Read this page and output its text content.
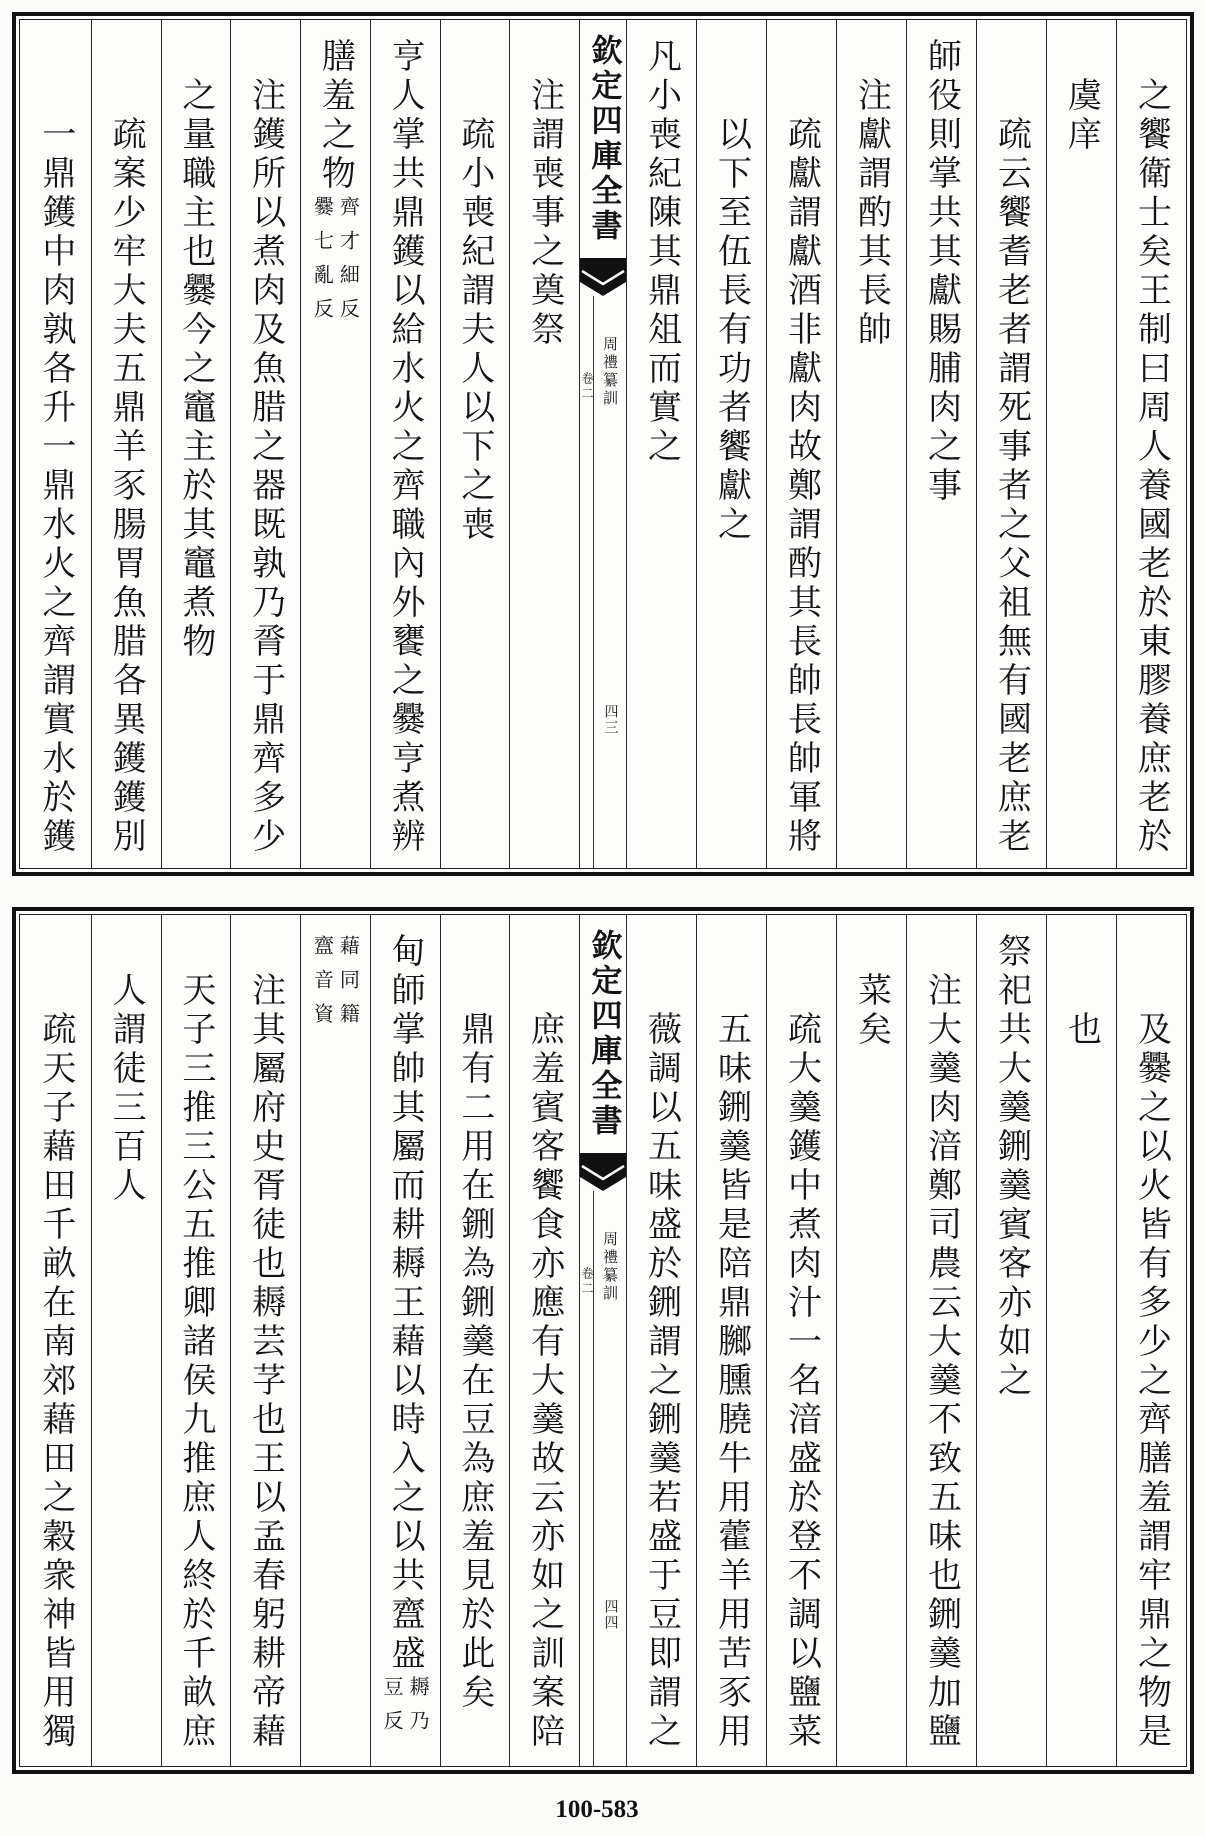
之饗衛士矣王制曰周人養國老於東膠養庶老於
虞庠
疏云饗耆老者謂死事者之父祖無有國老庶老
師役則掌共其獻賜脯肉之事
注獻謂酌其長帥
疏獻謂獻酒非獻肉故鄭謂酌其長帥長帥軍將
以下至伍長有功者饗獻之
凡小喪紀陳其鼎俎而實之
欽定四庫全書
周禮纂訓
卷二
四三
注謂喪事之奠祭
疏小喪紀謂夫人以下之喪
亨人掌共鼎鑊以給水火之齊職內外饔之爨亨煮辨
膳羞之物
齊才細反
爨七亂反
注鑊所以煮肉及魚腊之器既孰乃脀于鼎齊多少
之量職主也爨今之竈主於其竈煮物
疏案少牢大夫五鼎羊豕腸胃魚腊各異鑊鑊別
一鼎鑊中肉孰各升一鼎水火之齊謂實水於鑊
及爨之以火皆有多少之齊膳羞謂牢鼎之物是
也
祭祀共大羹鉶羹賓客亦如之
注大羹肉湆鄭司農云大羹不致五味也鉶羹加鹽
菜矣
疏大羹鑊中煮肉汁一名湆盛於登不調以鹽菜
五味鉶羹皆是陪鼎膷臐膮牛用藿羊用苦豕用
薇調以五味盛於鉶謂之鉶羹若盛于豆即謂之
欽定四庫全書
周禮纂訓
卷二
四四
庶羞賓客饗食亦應有大羹故云亦如之訓案陪
鼎有二用在鉶為鉶羹在豆為庶羞見於此矣
甸師掌帥其屬而耕耨王藉以時入之以共齍盛
耨乃
豆反
藉同籍
齍音資
注其屬府史胥徒也耨芸芓也王以孟春躬耕帝藉
天子三推三公五推卿諸侯九推庶人終於千畝庶
人謂徒三百人
疏天子藉田千畝在南郊藉田之穀衆神皆用獨
100-583
